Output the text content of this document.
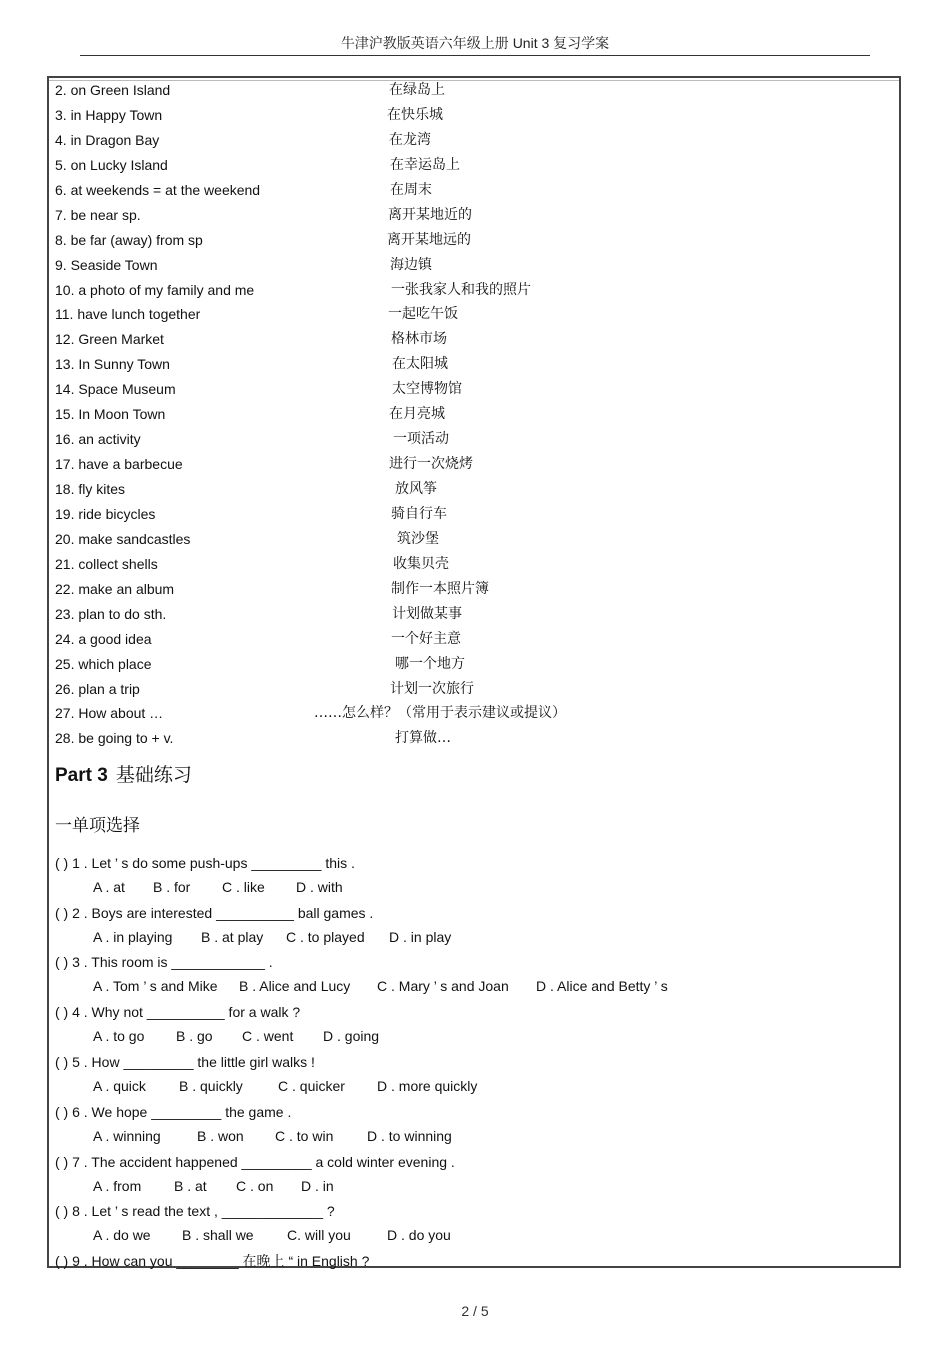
牛津沪教版英语六年级上册 Unit 3 复习学案
2. on Green Island	在绿岛上
3. in Happy Town	在快乐城
4. in Dragon Bay	在龙湾
5. on Lucky Island	在幸运岛上
6. at weekends = at the weekend	在周末
7. be near sp.	离开某地近的
8. be far (away) from sp	离开某地远的
9. Seaside Town	海边镇
10. a photo of my family and me	一张我家人和我的照片
11. have lunch together	一起吃午饭
12. Green Market	格林市场
13. In Sunny Town	在太阳城
14. Space Museum	太空博物馆
15. In Moon Town	在月亮城
16. an activity	一项活动
17. have a barbecue	进行一次烧烤
18. fly kites	放风筝
19. ride bicycles	骑自行车
20. make sandcastles	筑沙堡
21. collect shells	收集贝壳
22. make an album	制作一本照片簿
23. plan to do sth.	计划做某事
24. a good idea	一个好主意
25. which place	哪一个地方
26. plan a trip	计划一次旅行
27. How about …	……怎么样？（常用于表示建议或提议）
28. be going to + v.	打算做…
Part 3 基础练习
一单项选择
( ) 1 . Let ’ s do some push-ups _________ this .
A . at B . for C . like D . with
( ) 2 . Boys are interested __________ ball games .
A . in playing B . at play C . to played D . in play
( ) 3 . This room is ____________ .
A . Tom ’ s and Mike B . Alice and Lucy C . Mary ’ s and Joan D . Alice and Betty ’ s
( ) 4 . Why not __________ for a walk ?
A . to go B . go C . went D . going
( ) 5 . How _________ the little girl walks !
A . quick B . quickly	C . quicker D . more quickly
( ) 6 . We hope _________ the game .
A . winning	B . won C . to win D . to winning
( ) 7 . The accident happened _________ a cold winter evening .
A . from B . at C . on D . in
( ) 8 . Let ’ s read the text , _____________ ?
A . do we B . shall we C. will you	D . do you
( ) 9 . How can you ________ 在晚上 “ in English ?
2 / 5
